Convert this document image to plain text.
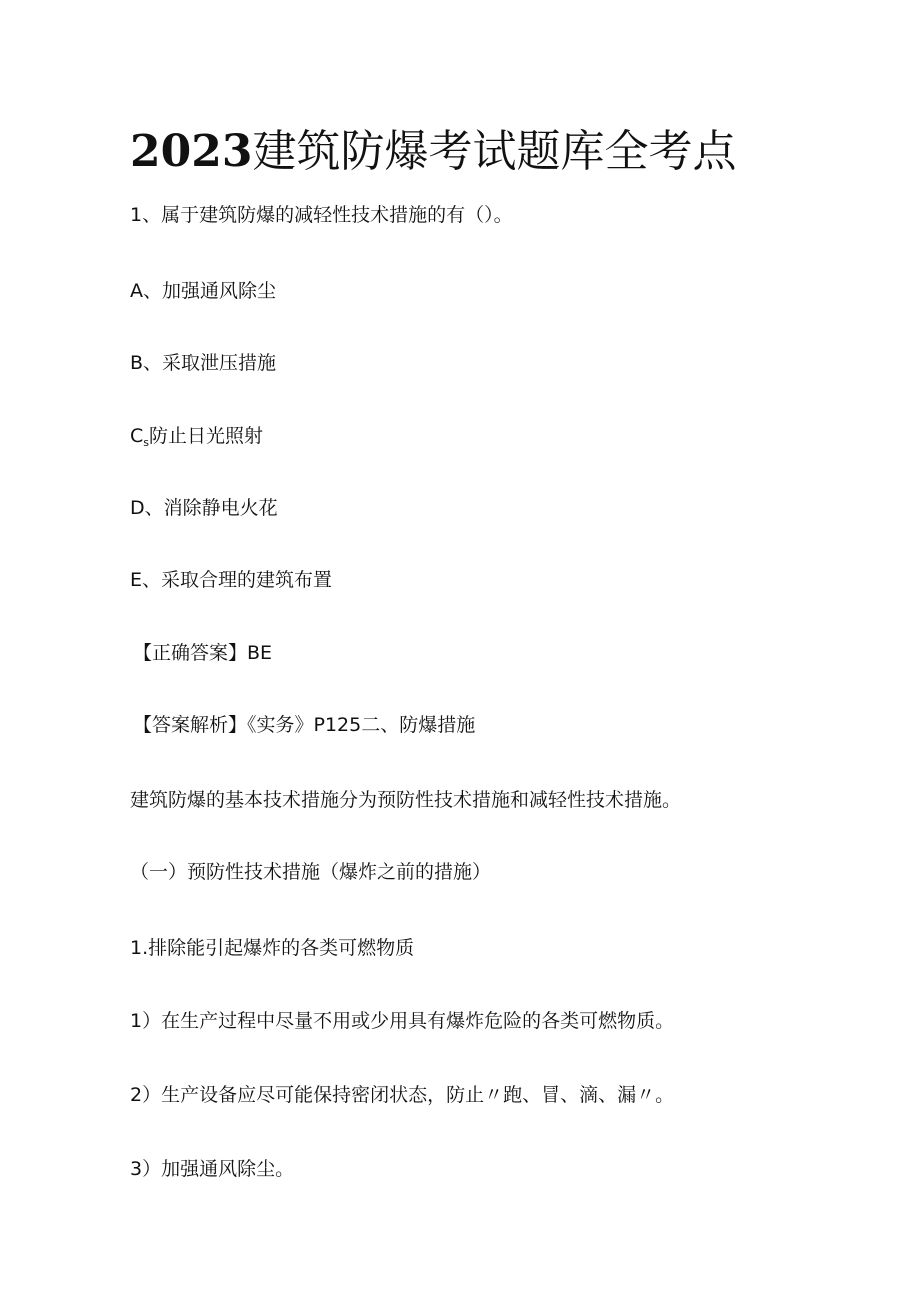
2023建筑防爆考试题库全考点

1、属于建筑防爆的减轻性技术措施的有（）。

A、加强通风除尘

B、采取泄压措施

$C_s$防止日光照射

D、消除静电火花

E、采取合理的建筑布置

【正确答案】BE

【答案解析】《实务》P125二、防爆措施

建筑防爆的基本技术措施分为预防性技术措施和减轻性技术措施。

（一）预防性技术措施（爆炸之前的措施）

1.排除能引起爆炸的各类可燃物质

1）在生产过程中尽量不用或少用具有爆炸危险的各类可燃物质。

2）生产设备应尽可能保持密闭状态，防止〃跑、冒、滴、漏〃。

3）加强通风除尘。
